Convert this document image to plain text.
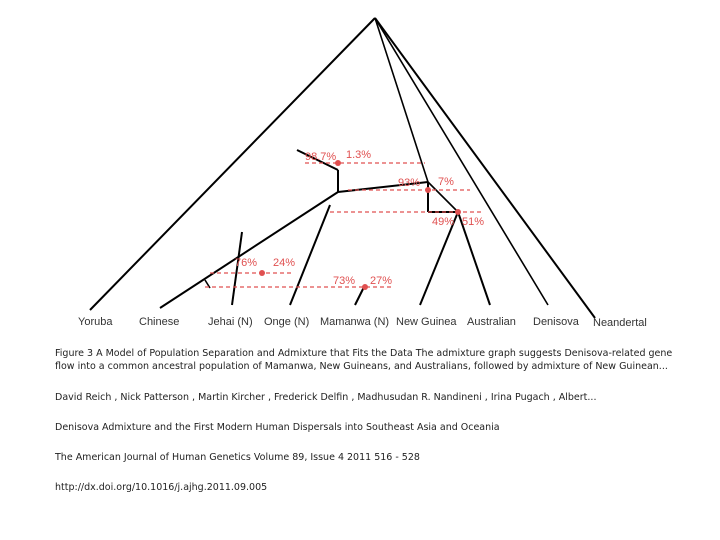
98.7% 1.3%
93% 7%
49% 51%
76% 24%
73% 27%
Yoruba Chinese	Jehai (N) Onge (N) Mamanwa (N) New Guinea Australian Denisova Neandertal
Figure 3 A Model of Population Separation and Admixture that Fits the Data The admixture graph suggests Denisova-related gene flow into a common ancestral population of Mamanwa, New Guineans, and Australians, followed by admixture of New Guinean...
David Reich , Nick Patterson , Martin Kircher , Frederick Delfin , Madhusudan R. Nandineni , Irina Pugach , Albert...
Denisova Admixture and the First Modern Human Dispersals into Southeast Asia and Oceania
The American Journal of Human Genetics Volume 89, Issue 4 2011 516 - 528
http://dx.doi.org/10.1016/j.ajhg.2011.09.005
